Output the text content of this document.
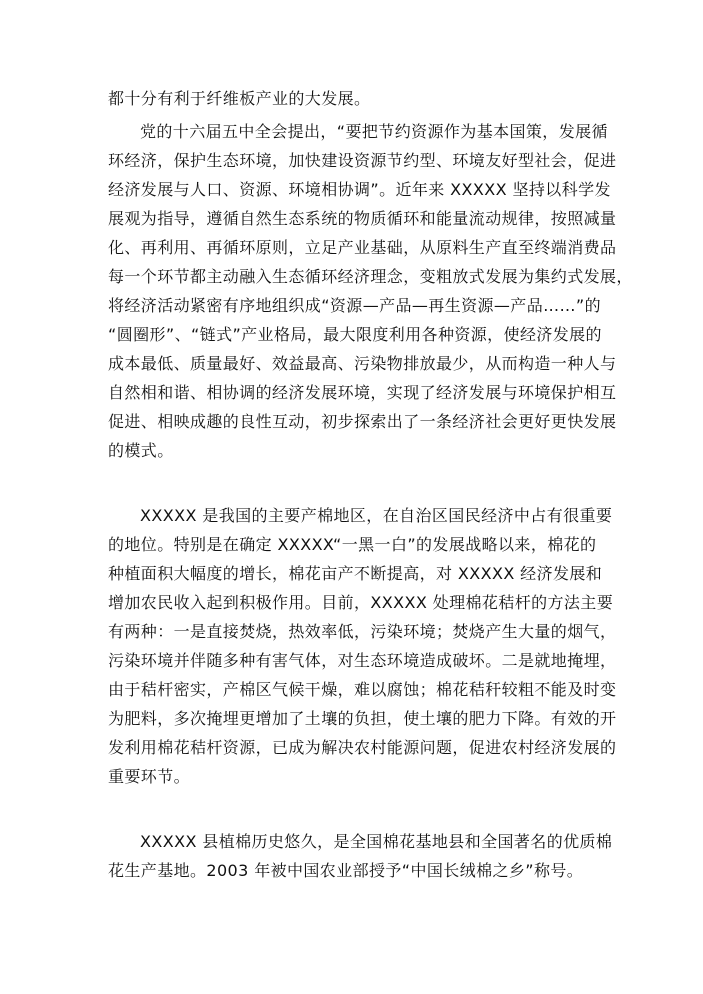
都十分有利于纤维板产业的大发展。
党的十六届五中全会提出，“要把节约资源作为基本国策，发展循
环经济，保护生态环境，加快建设资源节约型、环境友好型社会，促进
经济发展与人口、资源、环境相协调”。近年来 XXXXX 坚持以科学发
展观为指导，遵循自然生态系统的物质循环和能量流动规律，按照减量
化、再利用、再循环原则，立足产业基础，从原料生产直至终端消费品
每一个环节都主动融入生态循环经济理念，变粗放式发展为集约式发展，
将经济活动紧密有序地组织成“资源—产品—再生资源—产品……”的
“圆圈形”、“链式”产业格局，最大限度利用各种资源，使经济发展的
成本最低、质量最好、效益最高、污染物排放最少，从而构造一种人与
自然相和谐、相协调的经济发展环境，实现了经济发展与环境保护相互
促进、相映成趣的良性互动，初步探索出了一条经济社会更好更快发展
的模式。
XXXXX 是我国的主要产棉地区，在自治区国民经济中占有很重要
的地位。特别是在确定 XXXXX“一黑一白”的发展战略以来，棉花的
种植面积大幅度的增长，棉花亩产不断提高，对 XXXXX 经济发展和
增加农民收入起到积极作用。目前，XXXXX 处理棉花秸杆的方法主要
有两种：一是直接焚烧，热效率低，污染环境；焚烧产生大量的烟气，
污染环境并伴随多种有害气体，对生态环境造成破坏。二是就地掩埋，
由于秸杆密实，产棉区气候干燥，难以腐蚀；棉花秸秆较粗不能及时变
为肥料，多次掩埋更增加了土壤的负担，使土壤的肥力下降。有效的开
发利用棉花秸杆资源，已成为解决农村能源问题，促进农村经济发展的
重要环节。
XXXXX 县植棉历史悠久，是全国棉花基地县和全国著名的优质棉
花生产基地。2003 年被中国农业部授予“中国长绒棉之乡”称号。
